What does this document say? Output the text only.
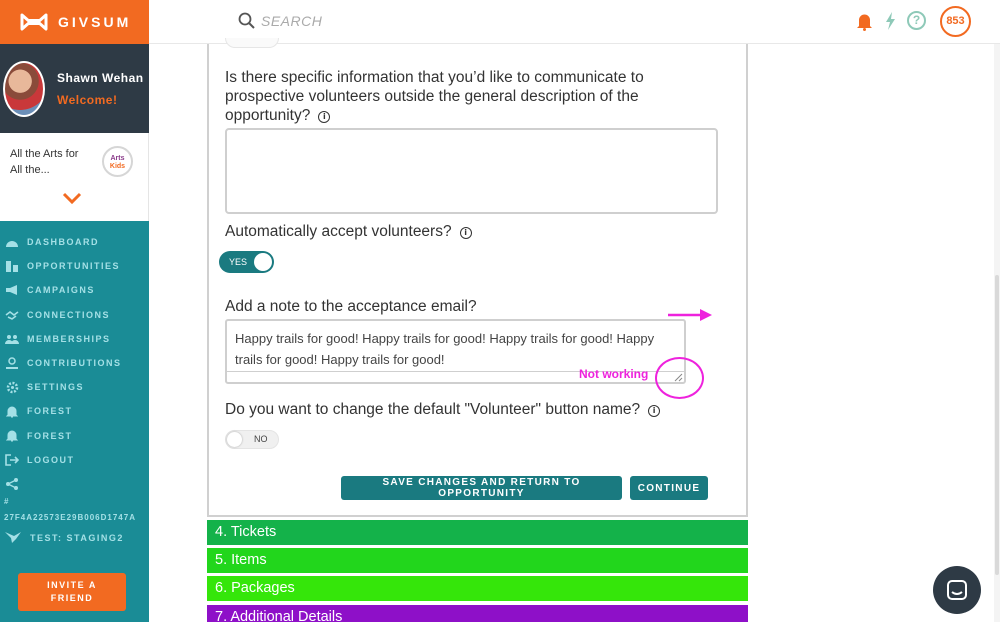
GIVSUM
Shawn Wehan
Welcome!
All the Arts for All the...
Arts
Kids
DASHBOARD
OPPORTUNITIES
CAMPAIGNS
CONNECTIONS
MEMBERSHIPS
CONTRIBUTIONS
SETTINGS
FOREST
FOREST
LOGOUT
#
27F4A22573E29B006D1747A
TEST: STAGING2
INVITE A
FRIEND
SEARCH
?	853
Is there specific information that you’d like to communicate to prospective volunteers outside the general description of the opportunity? i
Automatically accept volunteers? i
YES
Add a note to the acceptance email?
Happy trails for good! Happy trails for good! Happy trails for good! Happy trails for good! Happy trails for good!
Do you want to change the default "Volunteer" button name? i
NO
SAVE CHANGES AND RETURN TO OPPORTUNITY	CONTINUE
Not working
4. Tickets
5. Items
6. Packages
7. Additional Details
